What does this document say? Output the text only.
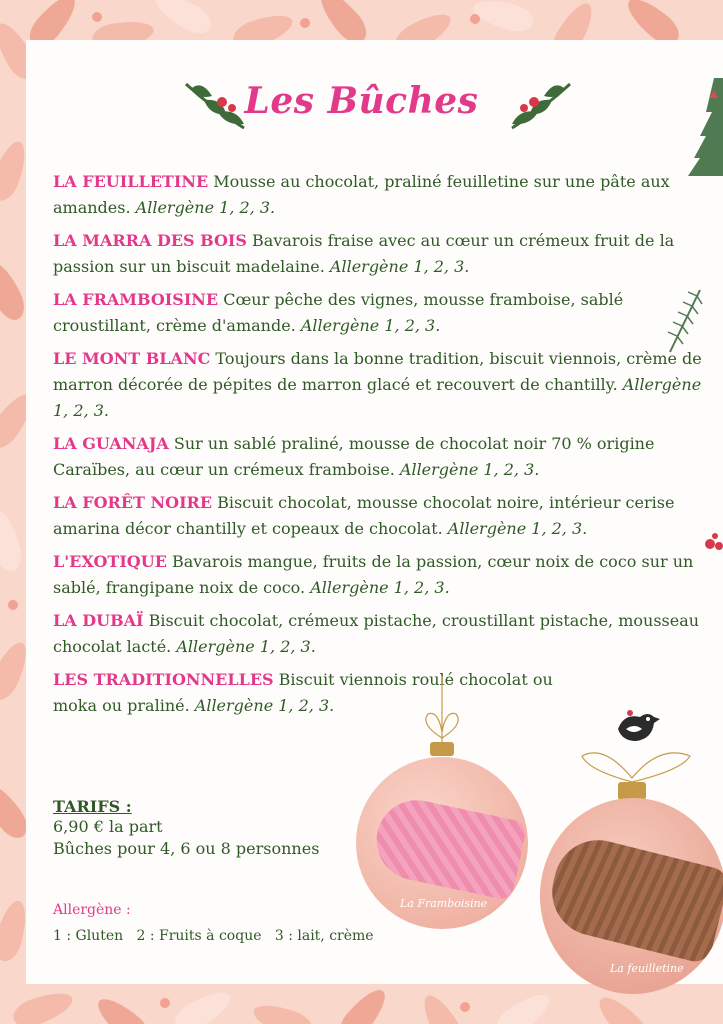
Les Bûches

LA FEUILLETINE Mousse au chocolat, praliné feuilletine sur une pâte aux amandes. Allergène 1, 2, 3.

LA MARRA DES BOIS Bavarois fraise avec au cœur un crémeux fruit de la passion sur un biscuit madelaine. Allergène 1, 2, 3.

LA FRAMBOISINE Cœur pêche des vignes, mousse framboise, sablé croustillant, crème d'amande. Allergène 1, 2, 3.

LE MONT BLANC Toujours dans la bonne tradition, biscuit viennois, crème de marron décorée de pépites de marron glacé et recouvert de chantilly. Allergène 1, 2, 3.

LA GUANAJA Sur un sablé praliné, mousse de chocolat noir 70 % origine Caraïbes, au cœur un crémeux framboise. Allergène 1, 2, 3.

LA FORÊT NOIRE Biscuit chocolat, mousse chocolat noire, intérieur cerise amarina décor chantilly et copeaux de chocolat. Allergène 1, 2, 3.

L'EXOTIQUE Bavarois mangue, fruits de la passion, cœur noix de coco sur un sablé, frangipane noix de coco. Allergène 1, 2, 3.

LA DUBAÏ Biscuit chocolat, crémeux pistache, croustillant pistache, mousseau chocolat lacté. Allergène 1, 2, 3.

LES TRADITIONNELLES Biscuit viennois roulé chocolat ou moka ou praliné. Allergène 1, 2, 3.

TARIFS :
6,90 € la part
Bûches pour 4, 6 ou 8 personnes
Allergène :
1 : Gluten   2 : Fruits à coque   3 : lait, crème
La Framboisine
La feuilletine
